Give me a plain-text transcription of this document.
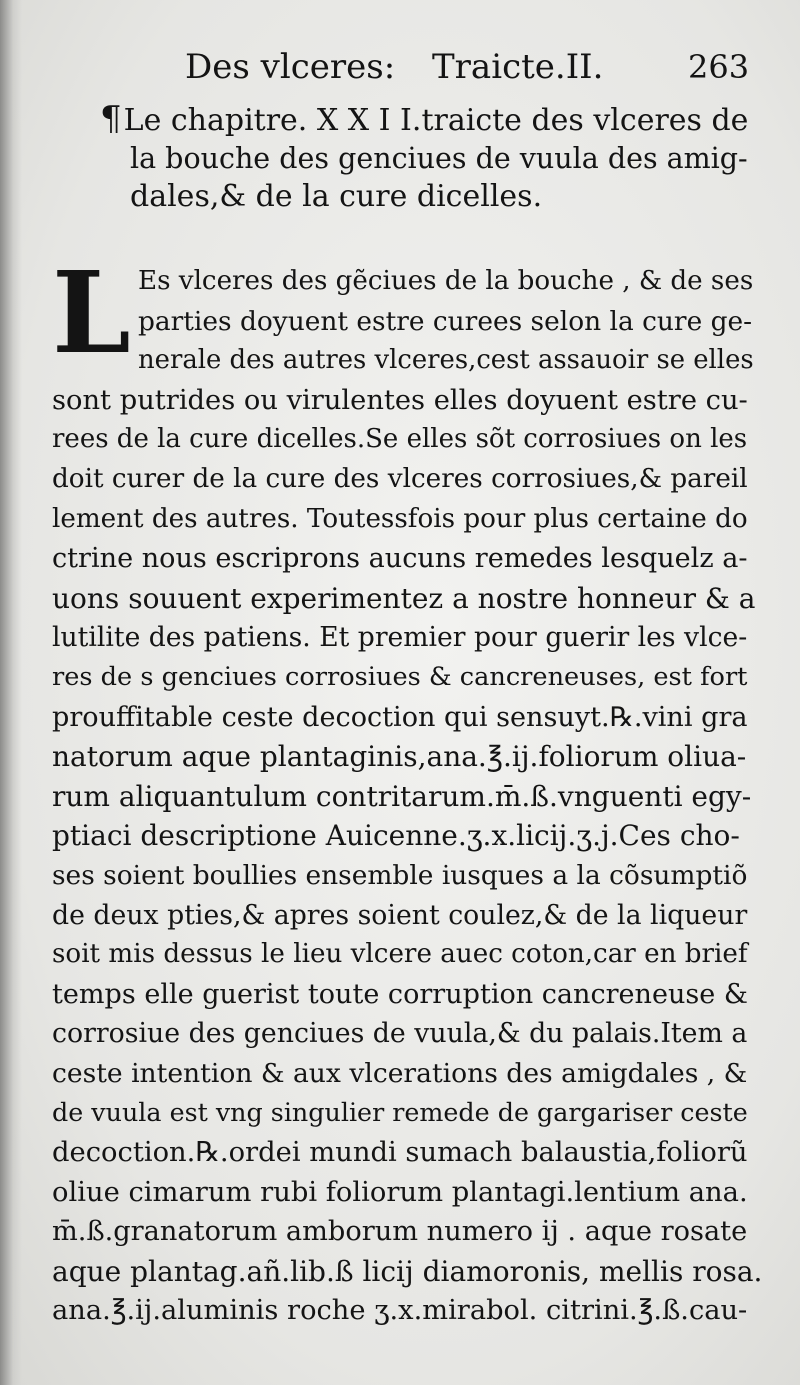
Des vlceres: Traicte.II.	263
¶Le chapitre. X X I I.traicte des vlceres de
la bouche des genciues de vuula des amig-
dales,& de la cure dicelles.
L Es vlceres des gẽciues de la bouche , & de ses
parties doyuent estre curees selon la cure ge-
nerale des autres vlceres,cest assauoir se elles
sont putrides ou virulentes elles doyuent estre cu-
rees de la cure dicelles.Se elles sõt corrosiues on les
doit curer de la cure des vlceres corrosiues,& pareil
lement des autres. Toutessfois pour plus certaine do
ctrine nous escriprons aucuns remedes lesquelz a-
uons souuent experimentez a nostre honneur & a
lutilite des patiens. Et premier pour guerir les vlce-
res de s genciues corrosiues & cancreneuses, est fort
prouffitable ceste decoction qui sensuyt.℞.vini gra
natorum aque plantaginis,ana.℥.ij.foliorum oliua-
rum aliquantulum contritarum.m̄.ß.vnguenti egy-
ptiaci descriptione Auicenne.ʒ.x.licij.ʒ.j.Ces cho-
ses soient boullies ensemble iusques a la cõsumptiõ
de deux pties,& apres soient coulez,& de la liqueur
soit mis dessus le lieu vlcere auec coton,car en brief
temps elle guerist toute corruption cancreneuse &
corrosiue des genciues de vuula,& du palais.Item a
ceste intention & aux vlcerations des amigdales , &
de vuula est vng singulier remede de gargariser ceste
decoction.℞.ordei mundi sumach balaustia,foliorũ
oliue cimarum rubi foliorum plantagi.lentium ana.
m̄.ß.granatorum amborum numero ij . aque rosate
aque plantag.añ.lib.ß licij diamoronis, mellis rosa.
ana.℥.ij.aluminis roche ʒ.x.mirabol. citrini.℥.ß.cau-
